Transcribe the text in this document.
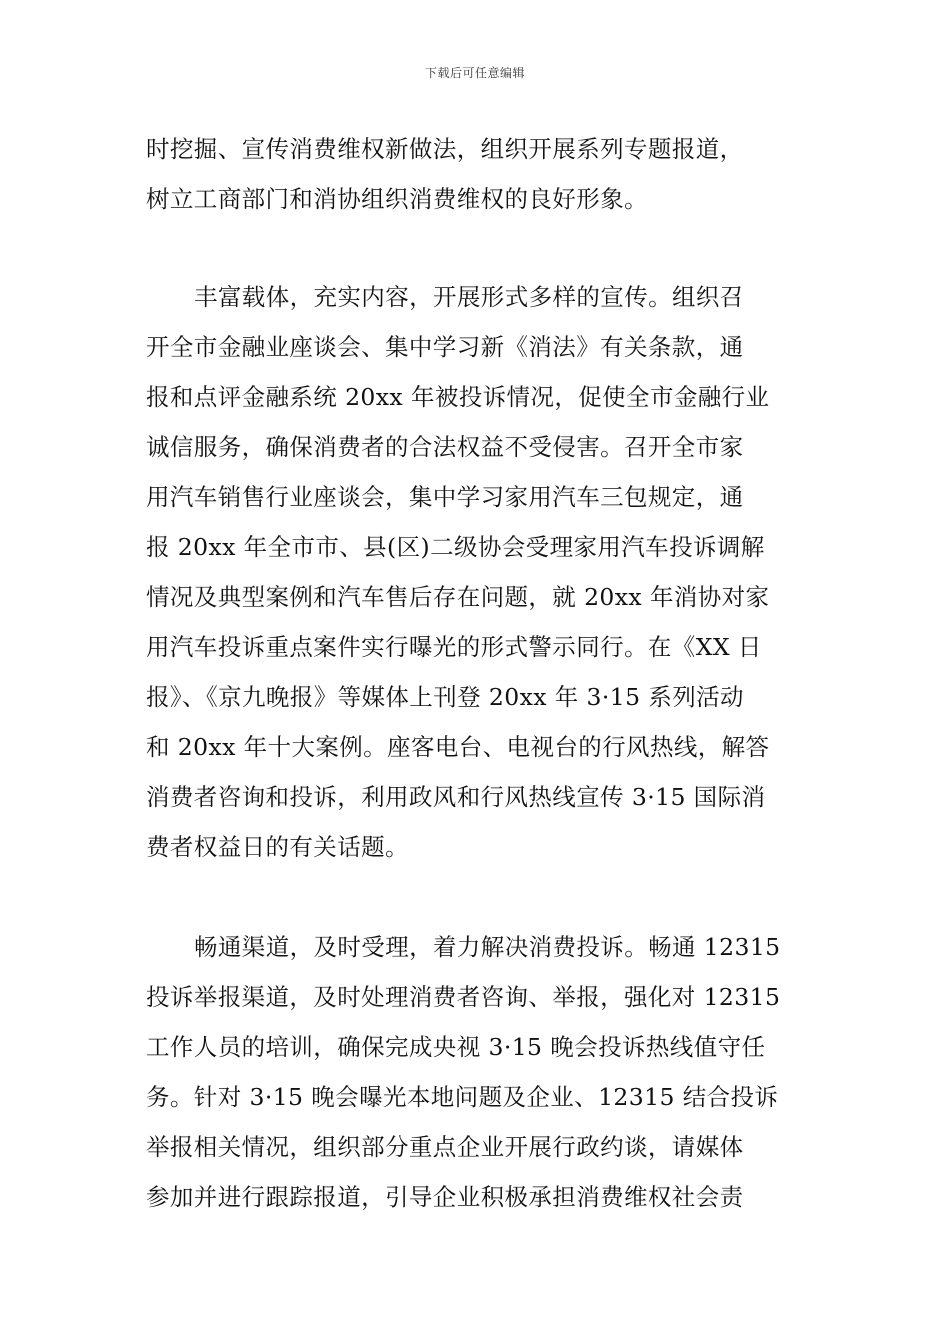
下载后可任意编辑
时挖掘、宣传消费维权新做法，组织开展系列专题报道，
树立工商部门和消协组织消费维权的良好形象。
丰富载体，充实内容，开展形式多样的宣传。组织召
开全市金融业座谈会、集中学习新《消法》有关条款，通
报和点评金融系统 20xx 年被投诉情况，促使全市金融行业
诚信服务，确保消费者的合法权益不受侵害。召开全市家
用汽车销售行业座谈会，集中学习家用汽车三包规定，通
报 20xx 年全市市、县(区)二级协会受理家用汽车投诉调解
情况及典型案例和汽车售后存在问题，就 20xx 年消协对家
用汽车投诉重点案件实行曝光的形式警示同行。在《XX 日
报》、《京九晚报》等媒体上刊登 20xx 年 3·15 系列活动
和 20xx 年十大案例。座客电台、电视台的行风热线，解答
消费者咨询和投诉，利用政风和行风热线宣传 3·15 国际消
费者权益日的有关话题。
畅通渠道，及时受理，着力解决消费投诉。畅通 12315
投诉举报渠道，及时处理消费者咨询、举报，强化对 12315
工作人员的培训，确保完成央视 3·15 晚会投诉热线值守任
务。针对 3·15 晚会曝光本地问题及企业、12315 结合投诉
举报相关情况，组织部分重点企业开展行政约谈，请媒体
参加并进行跟踪报道，引导企业积极承担消费维权社会责
